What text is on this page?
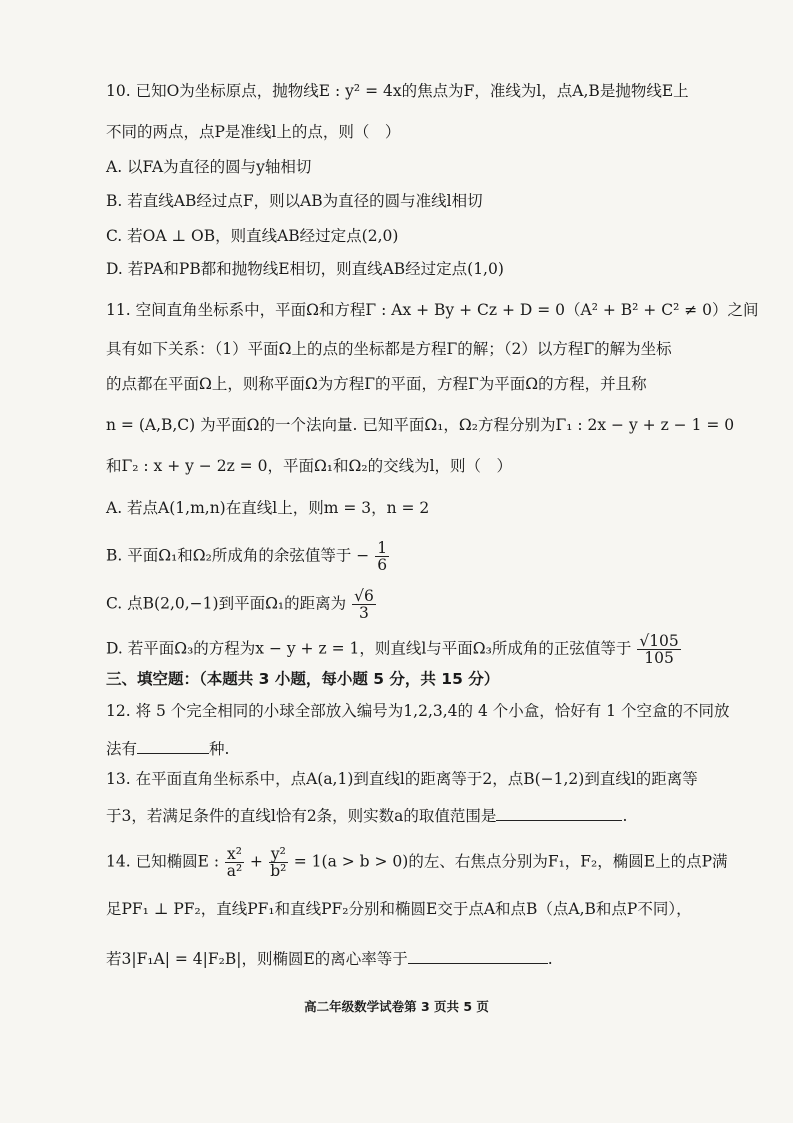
10. 已知O为坐标原点，抛物线E : y² = 4x的焦点为F，准线为l，点A,B是抛物线E上
不同的两点，点P是准线l上的点，则（　）
A. 以FA为直径的圆与y轴相切
B. 若直线AB经过点F，则以AB为直径的圆与准线l相切
C. 若OA ⊥ OB，则直线AB经过定点(2,0)
D. 若PA和PB都和抛物线E相切，则直线AB经过定点(1,0)
11. 空间直角坐标系中，平面Ω和方程Γ : Ax + By + Cz + D = 0（A² + B² + C² ≠ 0）之间
具有如下关系：（1）平面Ω上的点的坐标都是方程Γ的解；（2）以方程Γ的解为坐标
的点都在平面Ω上，则称平面Ω为方程Γ的平面，方程Γ为平面Ω的方程，并且称
n = (A,B,C) 为平面Ω的一个法向量. 已知平面Ω₁，Ω₂方程分别为Γ₁ : 2x − y + z − 1 = 0
和Γ₂ : x + y − 2z = 0，平面Ω₁和Ω₂的交线为l，则（　）
A. 若点A(1,m,n)在直线l上，则m = 3，n = 2
B. 平面Ω₁和Ω₂所成角的余弦值等于 − $\frac{1}{6}$
C. 点B(2,0,−1)到平面Ω₁的距离为 $\frac{√6}{3}$
D. 若平面Ω₃的方程为x − y + z = 1，则直线l与平面Ω₃所成角的正弦值等于 $\frac{√105}{105}$
三、填空题：（本题共 3 小题，每小题 5 分，共 15 分）
12. 将 5 个完全相同的小球全部放入编号为1,2,3,4的 4 个小盒，恰好有 1 个空盒的不同放
法有	种.
13. 在平面直角坐标系中，点A(a,1)到直线l的距离等于2，点B(−1,2)到直线l的距离等
于3，若满足条件的直线l恰有2条，则实数a的取值范围是	.
14. 已知椭圆E : $\frac{\text{x²}}{\text{a²}} + \frac{\text{y²}}{\text{b²}} = 1(a > b > 0)$的左、右焦点分别为F₁，F₂，椭圆E上的点P满
足PF₁ ⊥ PF₂，直线PF₁和直线PF₂分别和椭圆E交于点A和点B（点A,B和点P不同），
若3|F₁A| = 4|F₂B|，则椭圆E的离心率等于	.
高二年级数学试卷第 3 页共 5 页
